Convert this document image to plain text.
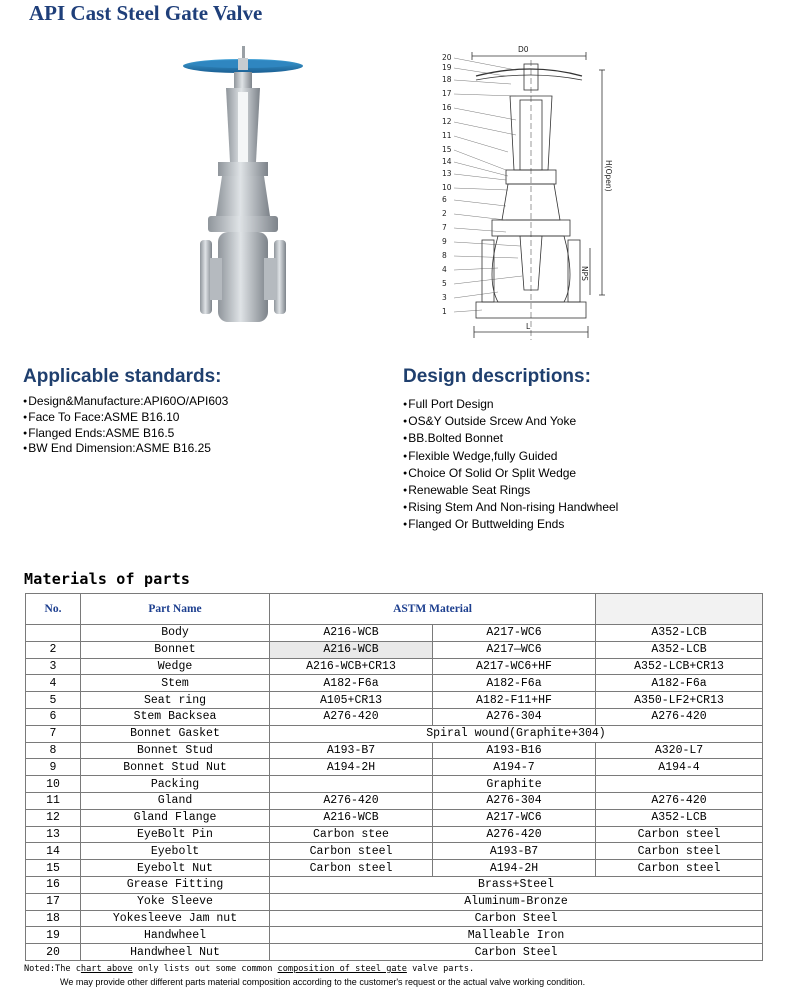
API Cast Steel Gate Valve
20
19
18
17
16
12
11
15
14
13
10
6
2
7
9
8
4
5
3
1
D0
H(Open)
NPS
L
Applicable standards:
● Design&Manufacture:API60O/API603
● Face To Face:ASME B16.10
● Flanged Ends:ASME B16.5
● BW End Dimension:ASME B16.25
Design descriptions:
● Full Port Design
● OS&Y Outside Srcew And Yoke
● BB.Bolted Bonnet
● Flexible Wedge,fully Guided
● Choice Of Solid Or Split Wedge
● Renewable Seat Rings
● Rising Stem And Non-rising Handwheel
● Flanged Or Buttwelding Ends
Materials of parts
No.	Part Name	ASTM Material		
	Body	A216-WCB	A217-WC6	A352-LCB
2	Bonnet	A216-WCB	A217—WC6	A352-LCB
3	Wedge	A216-WCB+CR13	A217-WC6+HF	A352-LCB+CR13
4	Stem	A182-F6a	A182-F6a	A182-F6a
5	Seat ring	A105+CR13	A182-F11+HF	A350-LF2+CR13
6	Stem Backsea	A276-420	A276-304	A276-420
7	Bonnet Gasket	Spiral wound(Graphite+304)		
8	Bonnet Stud	A193-B7	A193-B16	A320-L7
9	Bonnet Stud Nut	A194-2H	A194-7	A194-4
10	Packing		Graphite	
11	Gland	A276-420	A276-304	A276-420
12	Gland Flange	A216-WCB	A217-WC6	A352-LCB
13	EyeBolt Pin	Carbon stee	A276-420	Carbon steel
14	Eyebolt	Carbon steel	A193-B7	Carbon steel
15	Eyebolt Nut	Carbon steel	A194-2H	Carbon steel
16	Grease Fitting	Brass+Steel		
17	Yoke Sleeve	Aluminum-Bronze		
18	Yokesleeve Jam nut	Carbon Steel		
19	Handwheel	Malleable Iron		
20	Handwheel Nut	Carbon Steel		
Noted:The chart above only lists out some common composition of steel gate valve parts.
We may provide other different parts material composition according to the customer's request or the actual valve working condition.
